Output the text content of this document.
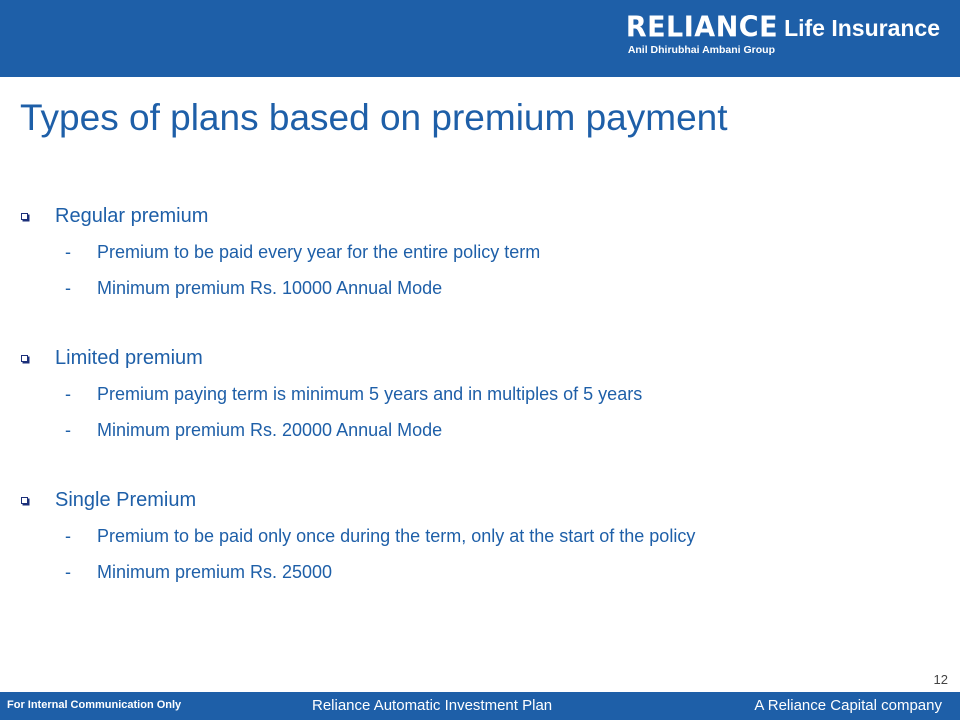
RELIANCE Life Insurance
Anil Dhirubhai Ambani Group
Types of plans based on premium payment
Regular premium
- Premium to be paid every year for the entire policy term
- Minimum premium Rs. 10000 Annual Mode
Limited premium
- Premium paying term is minimum 5 years and in multiples of 5 years
- Minimum premium Rs. 20000 Annual Mode
Single Premium
- Premium to be paid only once during the term, only at the start of the policy
- Minimum premium Rs. 25000
12
For Internal Communication Only	Reliance Automatic Investment Plan	A Reliance Capital company
